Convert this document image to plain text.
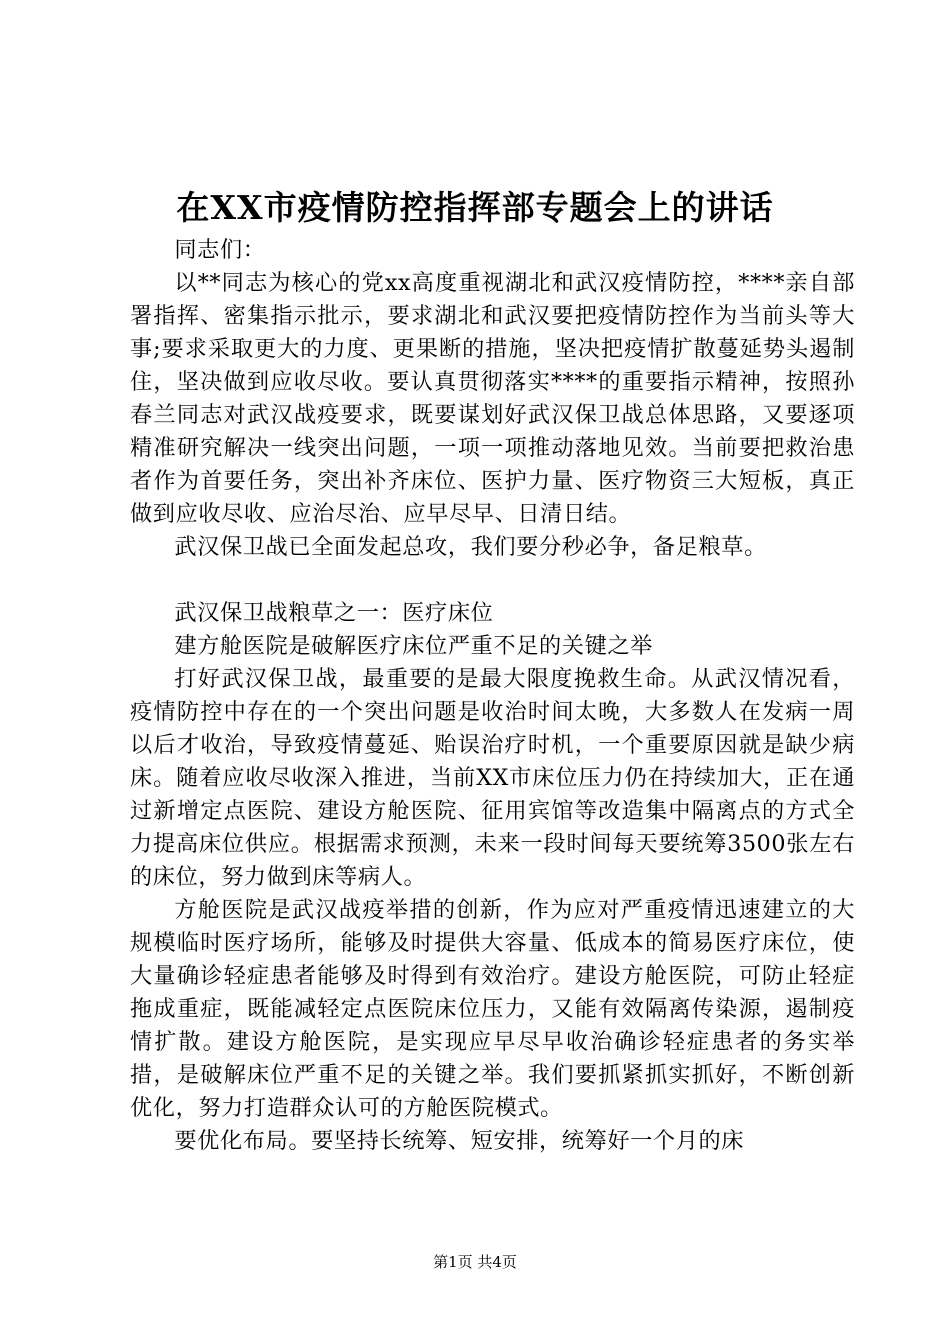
在XX市疫情防控指挥部专题会上的讲话

同志们：

以**同志为核心的党xx高度重视湖北和武汉疫情防控，****亲自部署指挥、密集指示批示，要求湖北和武汉要把疫情防控作为当前头等大事;要求采取更大的力度、更果断的措施，坚决把疫情扩散蔓延势头遏制住，坚决做到应收尽收。要认真贯彻落实****的重要指示精神，按照孙春兰同志对武汉战疫要求，既要谋划好武汉保卫战总体思路，又要逐项精准研究解决一线突出问题，一项一项推动落地见效。当前要把救治患者作为首要任务，突出补齐床位、医护力量、医疗物资三大短板，真正做到应收尽收、应治尽治、应早尽早、日清日结。

武汉保卫战已全面发起总攻，我们要分秒必争，备足粮草。

武汉保卫战粮草之一：医疗床位

建方舱医院是破解医疗床位严重不足的关键之举

打好武汉保卫战，最重要的是最大限度挽救生命。从武汉情况看，疫情防控中存在的一个突出问题是收治时间太晚，大多数人在发病一周以后才收治，导致疫情蔓延、贻误治疗时机，一个重要原因就是缺少病床。随着应收尽收深入推进，当前XX市床位压力仍在持续加大，正在通过新增定点医院、建设方舱医院、征用宾馆等改造集中隔离点的方式全力提高床位供应。根据需求预测，未来一段时间每天要统筹3500张左右的床位，努力做到床等病人。

方舱医院是武汉战疫举措的创新，作为应对严重疫情迅速建立的大规模临时医疗场所，能够及时提供大容量、低成本的简易医疗床位，使大量确诊轻症患者能够及时得到有效治疗。建设方舱医院，可防止轻症拖成重症，既能减轻定点医院床位压力，又能有效隔离传染源，遏制疫情扩散。建设方舱医院，是实现应早尽早收治确诊轻症患者的务实举措，是破解床位严重不足的关键之举。我们要抓紧抓实抓好，不断创新优化，努力打造群众认可的方舱医院模式。

要优化布局。要坚持长统筹、短安排，统筹好一个月的床

第1页 共4页
